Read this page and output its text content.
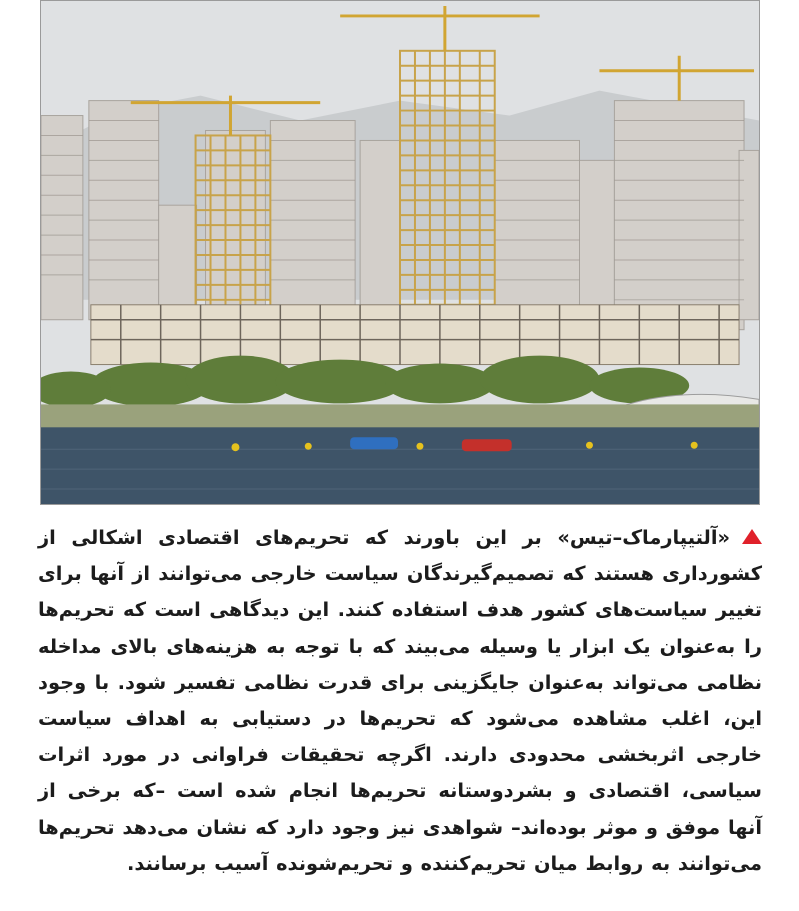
«آلتیپارماک–تیس» بر این باورند که تحریم‌های اقتصادی اشکالی از کشورداری هستند که تصمیم‌گیرندگان سیاست خارجی می‌توانند از آنها برای تغییر سیاست‌های کشور هدف استفاده کنند. این دیدگاهی است که تحریم‌ها را به‌عنوان یک ابزار یا وسیله می‌بیند که با توجه به هزینه‌های بالای مداخله نظامی می‌تواند به‌عنوان جایگزینی برای قدرت نظامی تفسیر شود. با وجود این، اغلب مشاهده می‌شود که تحریم‌ها در دستیابی به اهداف سیاست خارجی اثربخشی محدودی دارند. اگرچه تحقیقات فراوانی در مورد اثرات سیاسی، اقتصادی و بشردوستانه تحریم‌ها انجام شده است –که برخی از آنها موفق و موثر بوده‌اند– شواهدی نیز وجود دارد که نشان می‌دهد تحریم‌ها می‌توانند به روابط میان تحریم‌کننده و تحریم‌شونده آسیب برسانند.
